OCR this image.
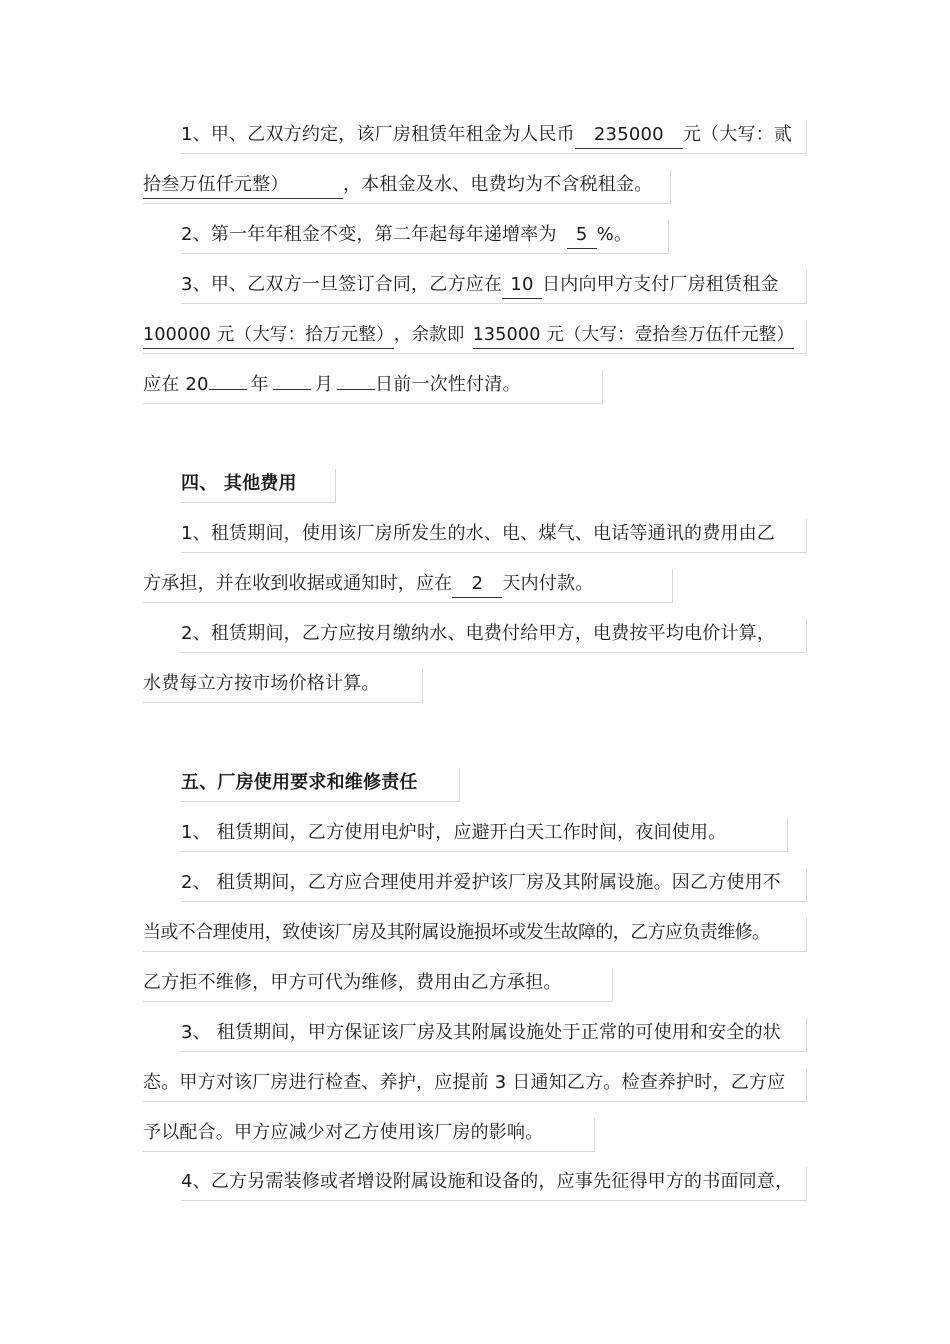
1、甲、乙双方约定，该厂房租赁年租金为人民币 235000 元（大写：贰
拾叁万伍仟元整）	，本租金及水、电费均为不含税租金。
2、第一年年租金不变，第二年起每年递增率为 5 %。
3、甲、乙双方一旦签订合同，乙方应在 10 日内向甲方支付厂房租赁租金
100000 元（大写：拾万元整），余款即 135000 元（大写：壹拾叁万伍仟元整）
应在 20 年	月 日前一次性付清。
四、 其他费用
1、租赁期间，使用该厂房所发生的水、电、煤气、电话等通讯的费用由乙
方承担，并在收到收据或通知时，应在 2 天内付款。
2、租赁期间，乙方应按月缴纳水、电费付给甲方，电费按平均电价计算，
水费每立方按市场价格计算。
五、厂房使用要求和维修责任
1、 租赁期间，乙方使用电炉时，应避开白天工作时间，夜间使用。
2、 租赁期间，乙方应合理使用并爱护该厂房及其附属设施。因乙方使用不
当或不合理使用，致使该厂房及其附属设施损坏或发生故障的，乙方应负责维修。
乙方拒不维修，甲方可代为维修，费用由乙方承担。
3、 租赁期间，甲方保证该厂房及其附属设施处于正常的可使用和安全的状
态。甲方对该厂房进行检查、养护，应提前 3 日通知乙方。检查养护时，乙方应
予以配合。甲方应减少对乙方使用该厂房的影响。
4、乙方另需装修或者增设附属设施和设备的，应事先征得甲方的书面同意，
